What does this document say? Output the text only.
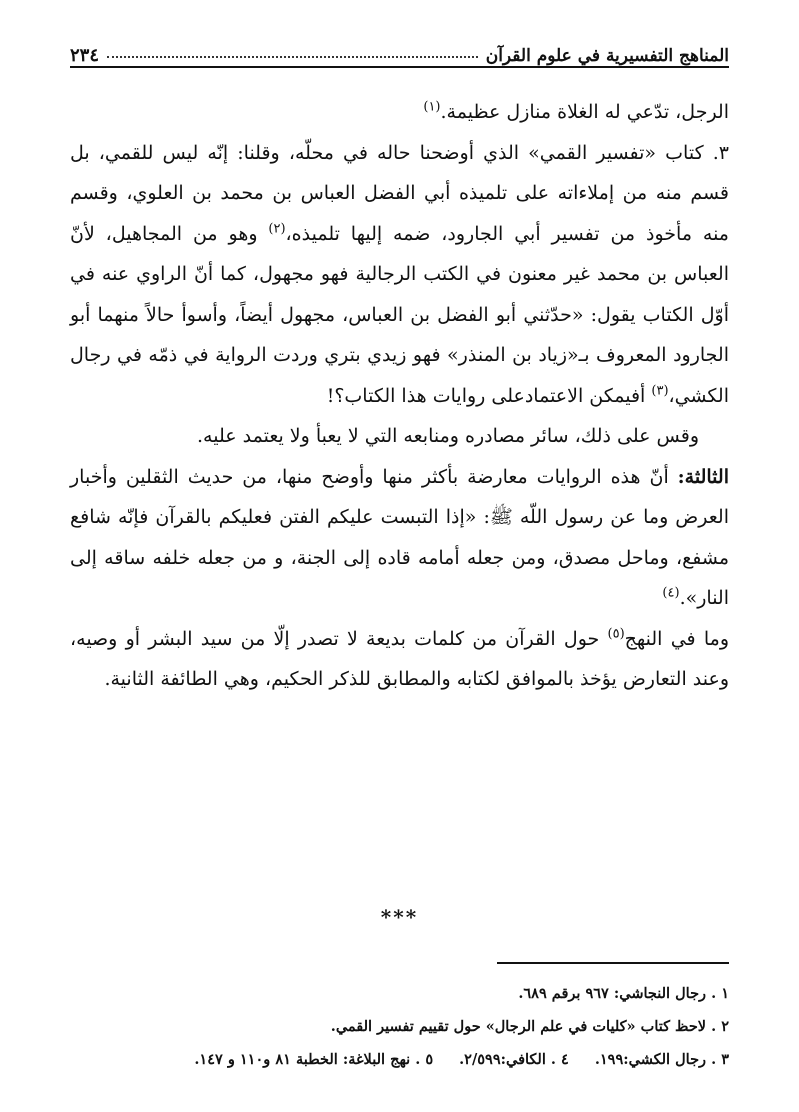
المناهج التفسيرية في علوم القرآن
٢٣٤

الرجل، تدّعي له الغلاة منازل عظيمة.$^{(١)}$

٣. كتاب «تفسير القمي» الذي أوضحنا حاله في محلّه، وقلنا: إنّه ليس للقمي، بل قسم منه من إملاءاته على تلميذه أبي الفضل العباس بن محمد بن العلوي، وقسم منه مأخوذ من تفسير أبي الجارود، ضمه إليها تلميذه،$^{(٢)}$ وهو من المجاهيل، لأنّ العباس بن محمد غير معنون في الكتب الرجالية فهو مجهول، كما أنّ الراوي عنه في أوّل الكتاب يقول: «حدّثني أبو الفضل بن العباس، مجهول أيضاً، وأسوأ حالاً منهما أبو الجارود المعروف بـ«زياد بن المنذر» فهو زيدي بتري وردت الرواية في ذمّه في رجال الكشي،$^{(٣)}$ أفيمكن الاعتمادعلى روايات هذا الكتاب؟!

وقس على ذلك، سائر مصادره ومنابعه التي لا يعبأ ولا يعتمد عليه.

الثالثة: أنّ هذه الروايات معارضة بأكثر منها وأوضح منها، من حديث الثقلين وأخبار العرض وما عن رسول اللّه ﷺ: «إذا التبست عليكم الفتن فعليكم بالقرآن فإنّه شافع مشفع، وماحل مصدق، ومن جعله أمامه قاده إلى الجنة، و من جعله خلفه ساقه إلى النار».$^{(٤)}$

وما في النهج$^{(٥)}$ حول القرآن من كلمات بديعة لا تصدر إلّا من سيد البشر أو وصيه، وعند التعارض يؤخذ بالموافق لكتابه والمطابق للذكر الحكيم، وهي الطائفة الثانية.

***

١ . رجال النجاشي: ٩٦٧ برقم ٦٨٩.

٢ . لاحظ كتاب «كليات في علم الرجال» حول تقييم تفسير القمي.

٣ . رجال الكشي:١٩٩.
٤ . الكافي:٢/٥٩٩.
٥ . نهج البلاغة: الخطبة ٨١ و١١٠ و ١٤٧.
